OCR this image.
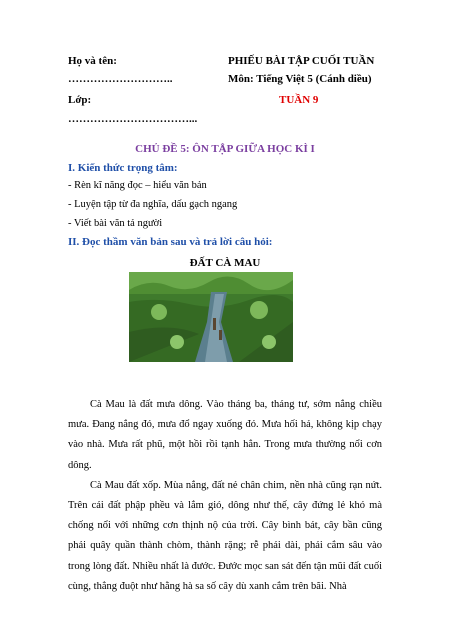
Họ và tên:	PHIẾU BÀI TẬP CUỐI TUẦN
………………………..	Môn: Tiếng Việt 5 (Cánh diều)
Lớp:	TUẦN 9
……………………………...
CHỦ ĐỀ 5: ÔN TẬP GIỮA HỌC KÌ I
I. Kiến thức trọng tâm:
- Rèn kĩ năng đọc – hiểu văn bản
- Luyện tập từ đa nghĩa, dấu gạch ngang
- Viết bài văn tả người
II. Đọc thầm văn bản sau và trả lời câu hỏi:
ĐẤT CÀ MAU

Cà Mau là đất mưa dông. Vào tháng ba, tháng tư, sớm nắng chiều mưa. Đang nắng đó, mưa đổ ngay xuống đó. Mưa hối hả, không kịp chạy vào nhà. Mưa rất phũ, một hồi rồi tạnh hẳn. Trong mưa thường nổi cơn dông.

Cà Mau đất xốp. Mùa nắng, đất nẻ chân chim, nền nhà cũng rạn nứt. Trên cái đất phập phều và lắm gió, dông như thế, cây đứng lẻ khó mà chống nổi với những cơn thịnh nộ của trời. Cây bình bát, cây bần cũng phải quây quần thành chòm, thành rặng; rễ phải dài, phải cắm sâu vào trong lòng đất. Nhiều nhất là đước. Đước mọc san sát đến tận mũi đất cuối cùng, thẳng đuột như hằng hà sa số cây dù xanh cắm trên bãi. Nhà
